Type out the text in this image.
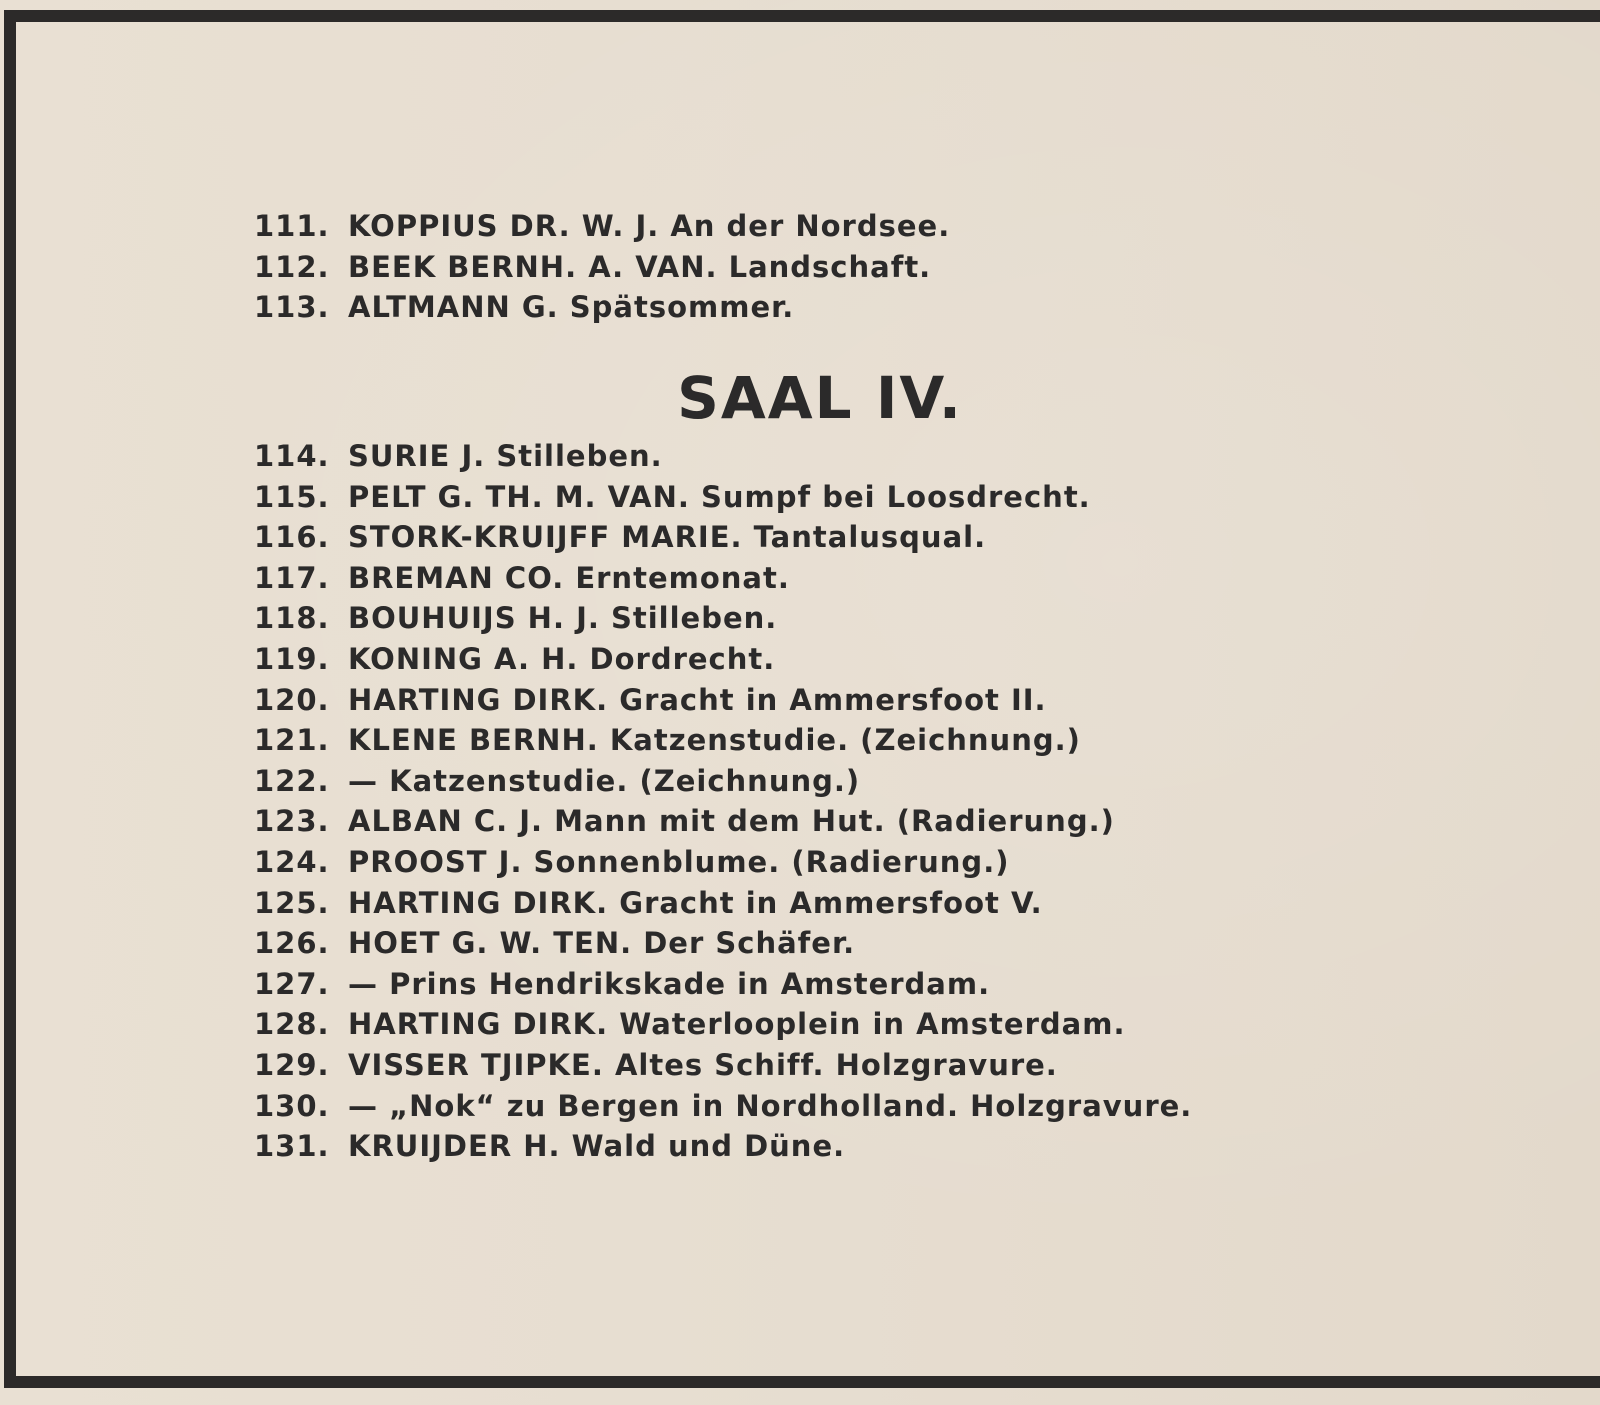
111. KOPPIUS DR. W. J. An der Nordsee.
112. BEEK BERNH. A. VAN. Landschaft.
113. ALTMANN G. Spätsommer.
SAAL IV.
114. SURIE J. Stilleben.
115. PELT G. TH. M. VAN. Sumpf bei Loosdrecht.
116. STORK-KRUIJFF MARIE. Tantalusqual.
117. BREMAN CO. Erntemonat.
118. BOUHUIJS H. J. Stilleben.
119. KONING A. H. Dordrecht.
120. HARTING DIRK. Gracht in Ammersfoot II.
121. KLENE BERNH. Katzenstudie. (Zeichnung.)
122. — Katzenstudie. (Zeichnung.)
123. ALBAN C. J. Mann mit dem Hut. (Radierung.)
124. PROOST J. Sonnenblume. (Radierung.)
125. HARTING DIRK. Gracht in Ammersfoot V.
126. HOET G. W. TEN. Der Schäfer.
127. — Prins Hendrikskade in Amsterdam.
128. HARTING DIRK. Waterlooplein in Amsterdam.
129. VISSER TJIPKE. Altes Schiff. Holzgravure.
130. — „Nok“ zu Bergen in Nordholland. Holzgravure.
131. KRUIJDER H. Wald und Düne.
